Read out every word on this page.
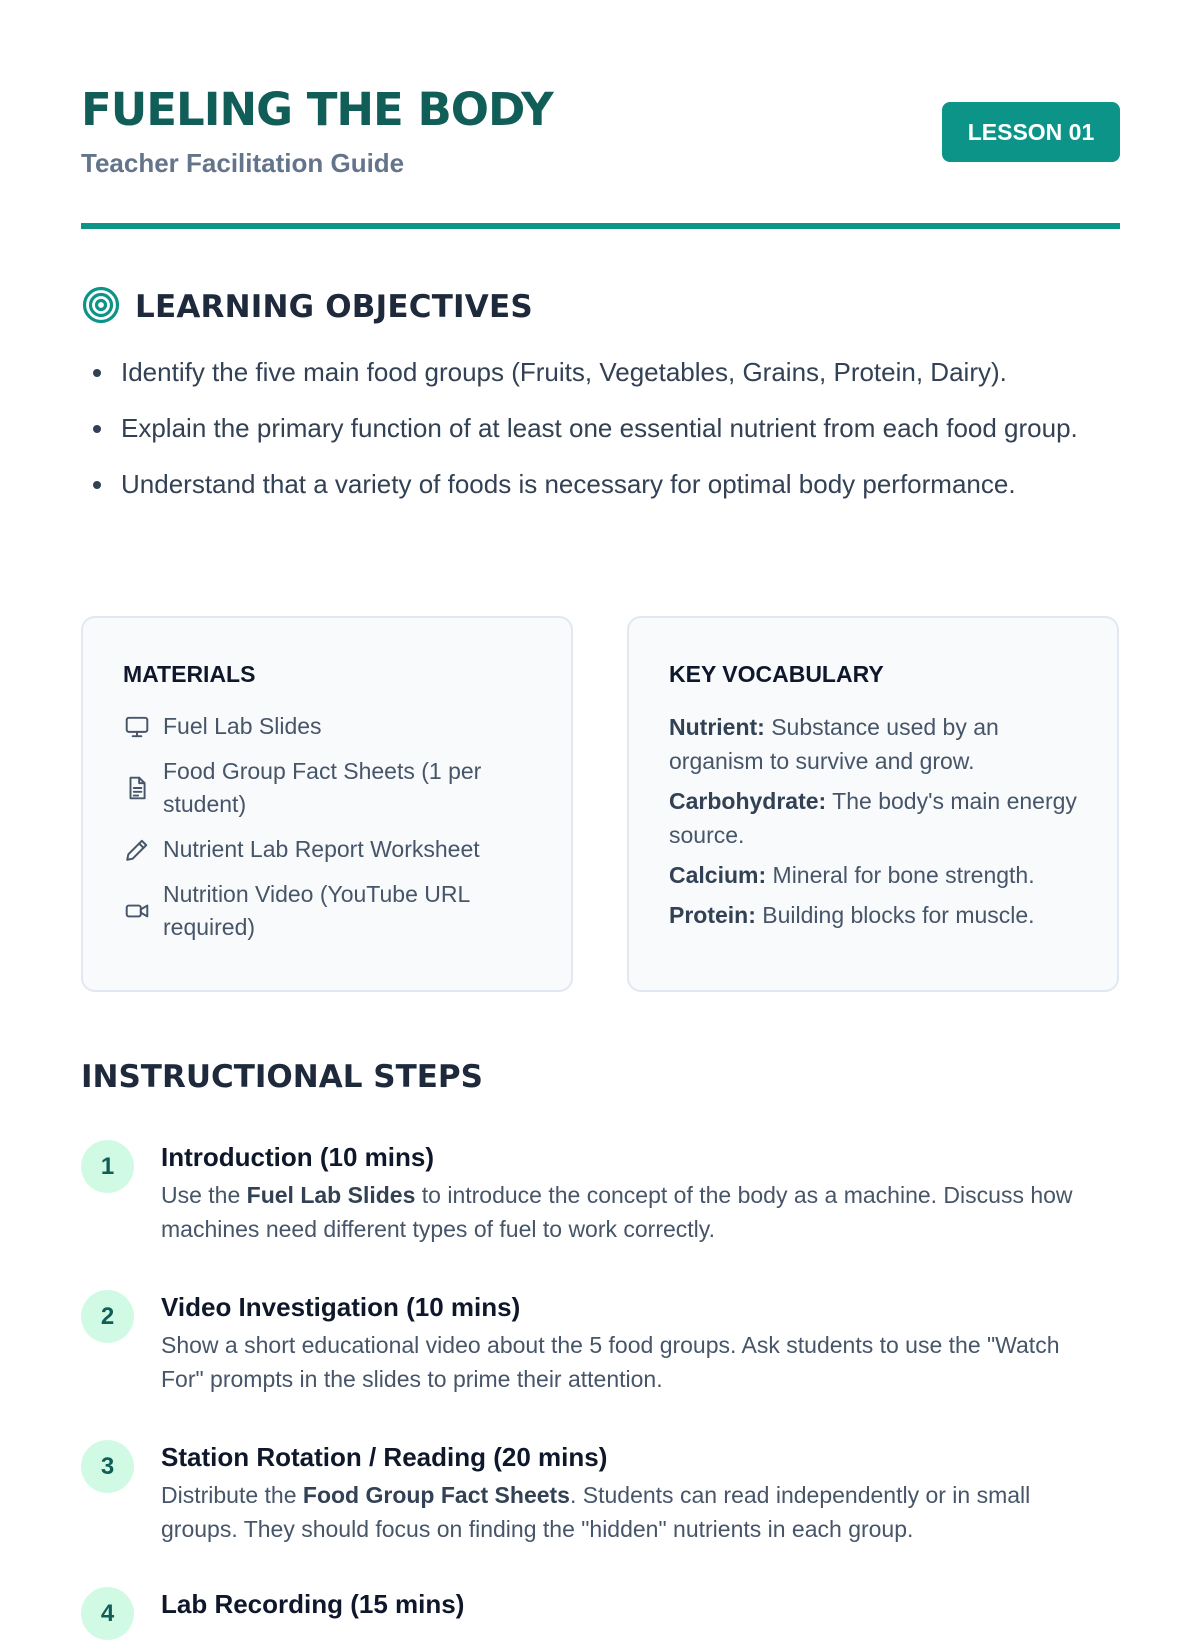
FUELING THE BODY
Teacher Facilitation Guide
LESSON 01
LEARNING OBJECTIVES
Identify the five main food groups (Fruits, Vegetables, Grains, Protein, Dairy).
Explain the primary function of at least one essential nutrient from each food group.
Understand that a variety of foods is necessary for optimal body performance.
MATERIALS
Fuel Lab Slides
Food Group Fact Sheets (1 per student)
Nutrient Lab Report Worksheet
Nutrition Video (YouTube URL required)
KEY VOCABULARY
Nutrient: Substance used by an organism to survive and grow.
Carbohydrate: The body's main energy source.
Calcium: Mineral for bone strength.
Protein: Building blocks for muscle.
INSTRUCTIONAL STEPS
1	Introduction (10 mins)
Use the Fuel Lab Slides to introduce the concept of the body as a machine. Discuss how machines need different types of fuel to work correctly.
2	Video Investigation (10 mins)
Show a short educational video about the 5 food groups. Ask students to use the "Watch For" prompts in the slides to prime their attention.
3	Station Rotation / Reading (20 mins)
Distribute the Food Group Fact Sheets. Students can read independently or in small groups. They should focus on finding the "hidden" nutrients in each group.
4	Lab Recording (15 mins)
